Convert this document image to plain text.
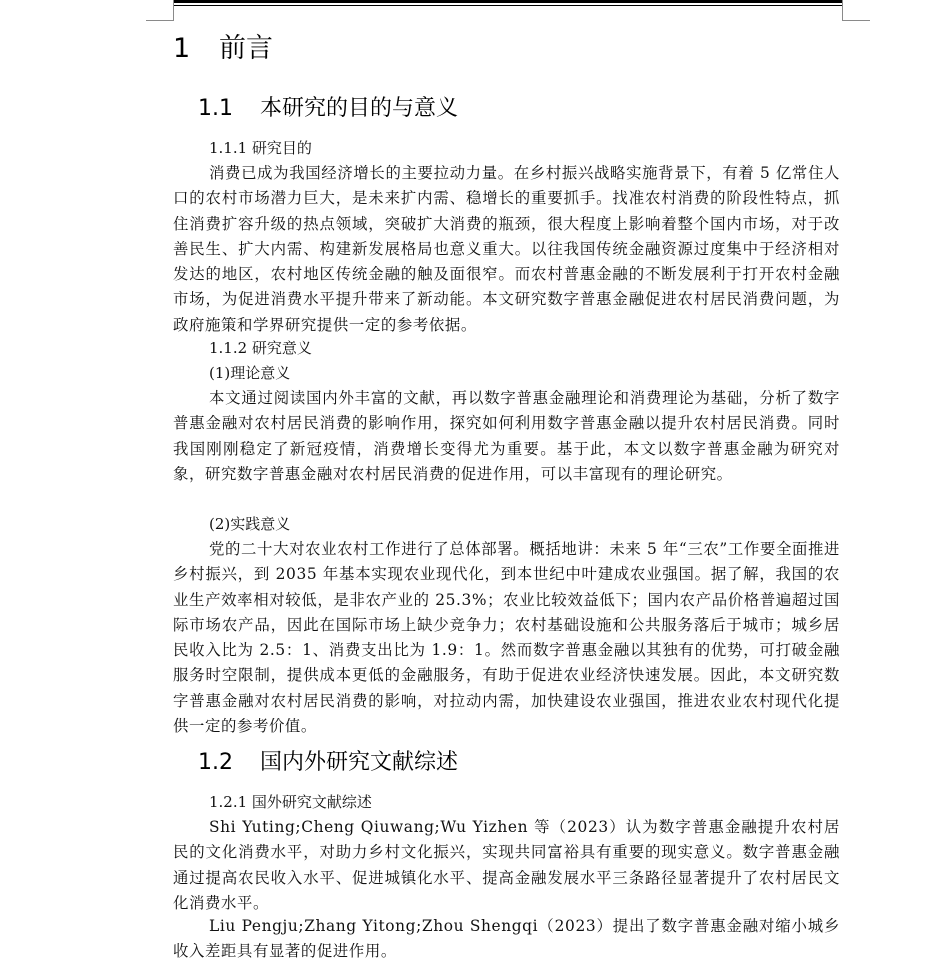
1 前言
1.1 本研究的目的与意义
1.1.1 研究目的
消费已成为我国经济增长的主要拉动力量。在乡村振兴战略实施背景下，有着 5 亿常住人口的农村市场潜力巨大，是未来扩内需、稳增长的重要抓手。找准农村消费的阶段性特点，抓住消费扩容升级的热点领域，突破扩大消费的瓶颈，很大程度上影响着整个国内市场，对于改善民生、扩大内需、构建新发展格局也意义重大。以往我国传统金融资源过度集中于经济相对发达的地区，农村地区传统金融的触及面很窄。而农村普惠金融的不断发展利于打开农村金融市场，为促进消费水平提升带来了新动能。本文研究数字普惠金融促进农村居民消费问题，为政府施策和学界研究提供一定的参考依据。
1.1.2 研究意义
(1)理论意义
本文通过阅读国内外丰富的文献，再以数字普惠金融理论和消费理论为基础，分析了数字普惠金融对农村居民消费的影响作用，探究如何利用数字普惠金融以提升农村居民消费。同时我国刚刚稳定了新冠疫情，消费增长变得尤为重要。基于此，本文以数字普惠金融为研究对象，研究数字普惠金融对农村居民消费的促进作用，可以丰富现有的理论研究。
(2)实践意义
党的二十大对农业农村工作进行了总体部署。概括地讲：未来 5 年“三农”工作要全面推进乡村振兴，到 2035 年基本实现农业现代化，到本世纪中叶建成农业强国。据了解，我国的农业生产效率相对较低，是非农产业的 25.3%；农业比较效益低下；国内农产品价格普遍超过国际市场农产品，因此在国际市场上缺少竞争力；农村基础设施和公共服务落后于城市；城乡居民收入比为 2.5：1、消费支出比为 1.9：1。然而数字普惠金融以其独有的优势，可打破金融服务时空限制，提供成本更低的金融服务，有助于促进农业经济快速发展。因此，本文研究数字普惠金融对农村居民消费的影响，对拉动内需，加快建设农业强国，推进农业农村现代化提供一定的参考价值。
1.2 国内外研究文献综述
1.2.1 国外研究文献综述
Shi Yuting;Cheng Qiuwang;Wu Yizhen 等（2023）认为数字普惠金融提升农村居民的文化消费水平，对助力乡村文化振兴，实现共同富裕具有重要的现实意义。数字普惠金融通过提高农民收入水平、促进城镇化水平、提高金融发展水平三条路径显著提升了农村居民文化消费水平。
Liu Pengju;Zhang Yitong;Zhou Shengqi（2023）提出了数字普惠金融对缩小城乡收入差距具有显著的促进作用。
